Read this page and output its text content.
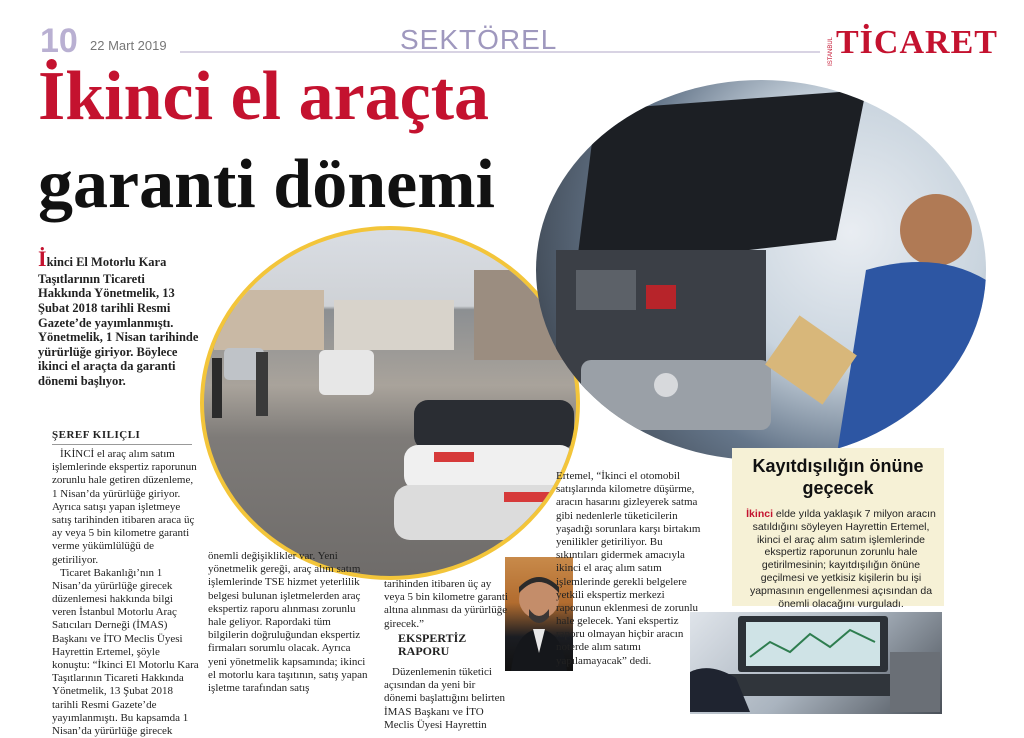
10 22 Mart 2019	SEKTÖREL	İSTANBUL TİCARET
İkinci el araçta
garanti dönemi
İkinci El Motorlu Kara Taşıtlarının Ticareti Hakkında Yönetmelik, 13 Şubat 2018 tarihli Resmi Gazete’de yayımlanmıştı. Yönetmelik, 1 Nisan tarihinde yürürlüğe giriyor. Böylece ikinci el araçta da garanti dönemi başlıyor.
ŞEREF KILIÇLI

İKİNCİ el araç alım satım işlemlerinde ekspertiz raporunun zorunlu hale getiren düzenleme, 1 Nisan’da yürürlüğe giriyor. Ayrıca satışı yapan işletmeye satış tarihinden itibaren araca üç ay veya 5 bin kilometre garanti verme yükümlülüğü de getiriliyor.

Ticaret Bakanlığı’nın 1 Nisan’da yürürlüğe girecek düzenlemesi hakkında bilgi veren İstanbul Motorlu Araç Satıcıları Derneği (İMAS) Başkanı ve İTO Meclis Üyesi Hayrettin Ertemel, şöyle konuştu: “İkinci El Motorlu Kara Taşıtlarının Ticareti Hakkında Yönetmelik, 13 Şubat 2018 tarihli Resmi Gazete’de yayımlanmıştı. Bu kapsamda 1 Nisan’da yürürlüğe girecek

önemli değişiklikler var. Yeni yönetmelik gereği, araç alım satım işlemlerinde TSE hizmet yeterlilik belgesi bulunan işletmelerden araç ekspertiz raporu alınması zorunlu hale geliyor. Rapordaki tüm bilgilerin doğruluğundan ekspertiz firmaları sorumlu olacak. Ayrıca yeni yönetmelik kapsamında; ikinci el motorlu kara taşıtının, satış yapan işletme tarafından satış

tarihinden itibaren üç ay veya 5 bin kilometre garanti altına alınması da yürürlüğe girecek.”

EKSPERTİZ RAPORU

Düzenlemenin tüketici açısından da yeni bir dönemi başlattığını belirten İMAS Başkanı ve İTO Meclis Üyesi Hayrettin

Ertemel, “İkinci el otomobil satışlarında kilometre düşürme, aracın hasarını gizleyerek satma gibi nedenlerle tüketicilerin yaşadığı sorunlara karşı birtakım yenilikler getiriliyor. Bu sıkıntıları gidermek amacıyla ikinci el araç alım satım işlemlerinde gerekli belgelere yetkili ekspertiz merkezi raporunun eklenmesi de zorunlu hale gelecek. Yani ekspertiz raporu olmayan hiçbir aracın noterde alım satımı yapılamayacak” dedi.

Kayıtdışılığın önüne geçecek
İkinci elde yılda yaklaşık 7 milyon aracın satıldığını söyleyen Hayrettin Ertemel, ikinci el araç alım satım işlemlerinde ekspertiz raporunun zorunlu hale getirilmesinin; kayıtdışılığın önüne geçilmesi ve yetkisiz kişilerin bu işi yapmasının engellenmesi açısından da önemli olacağını vurguladı.
